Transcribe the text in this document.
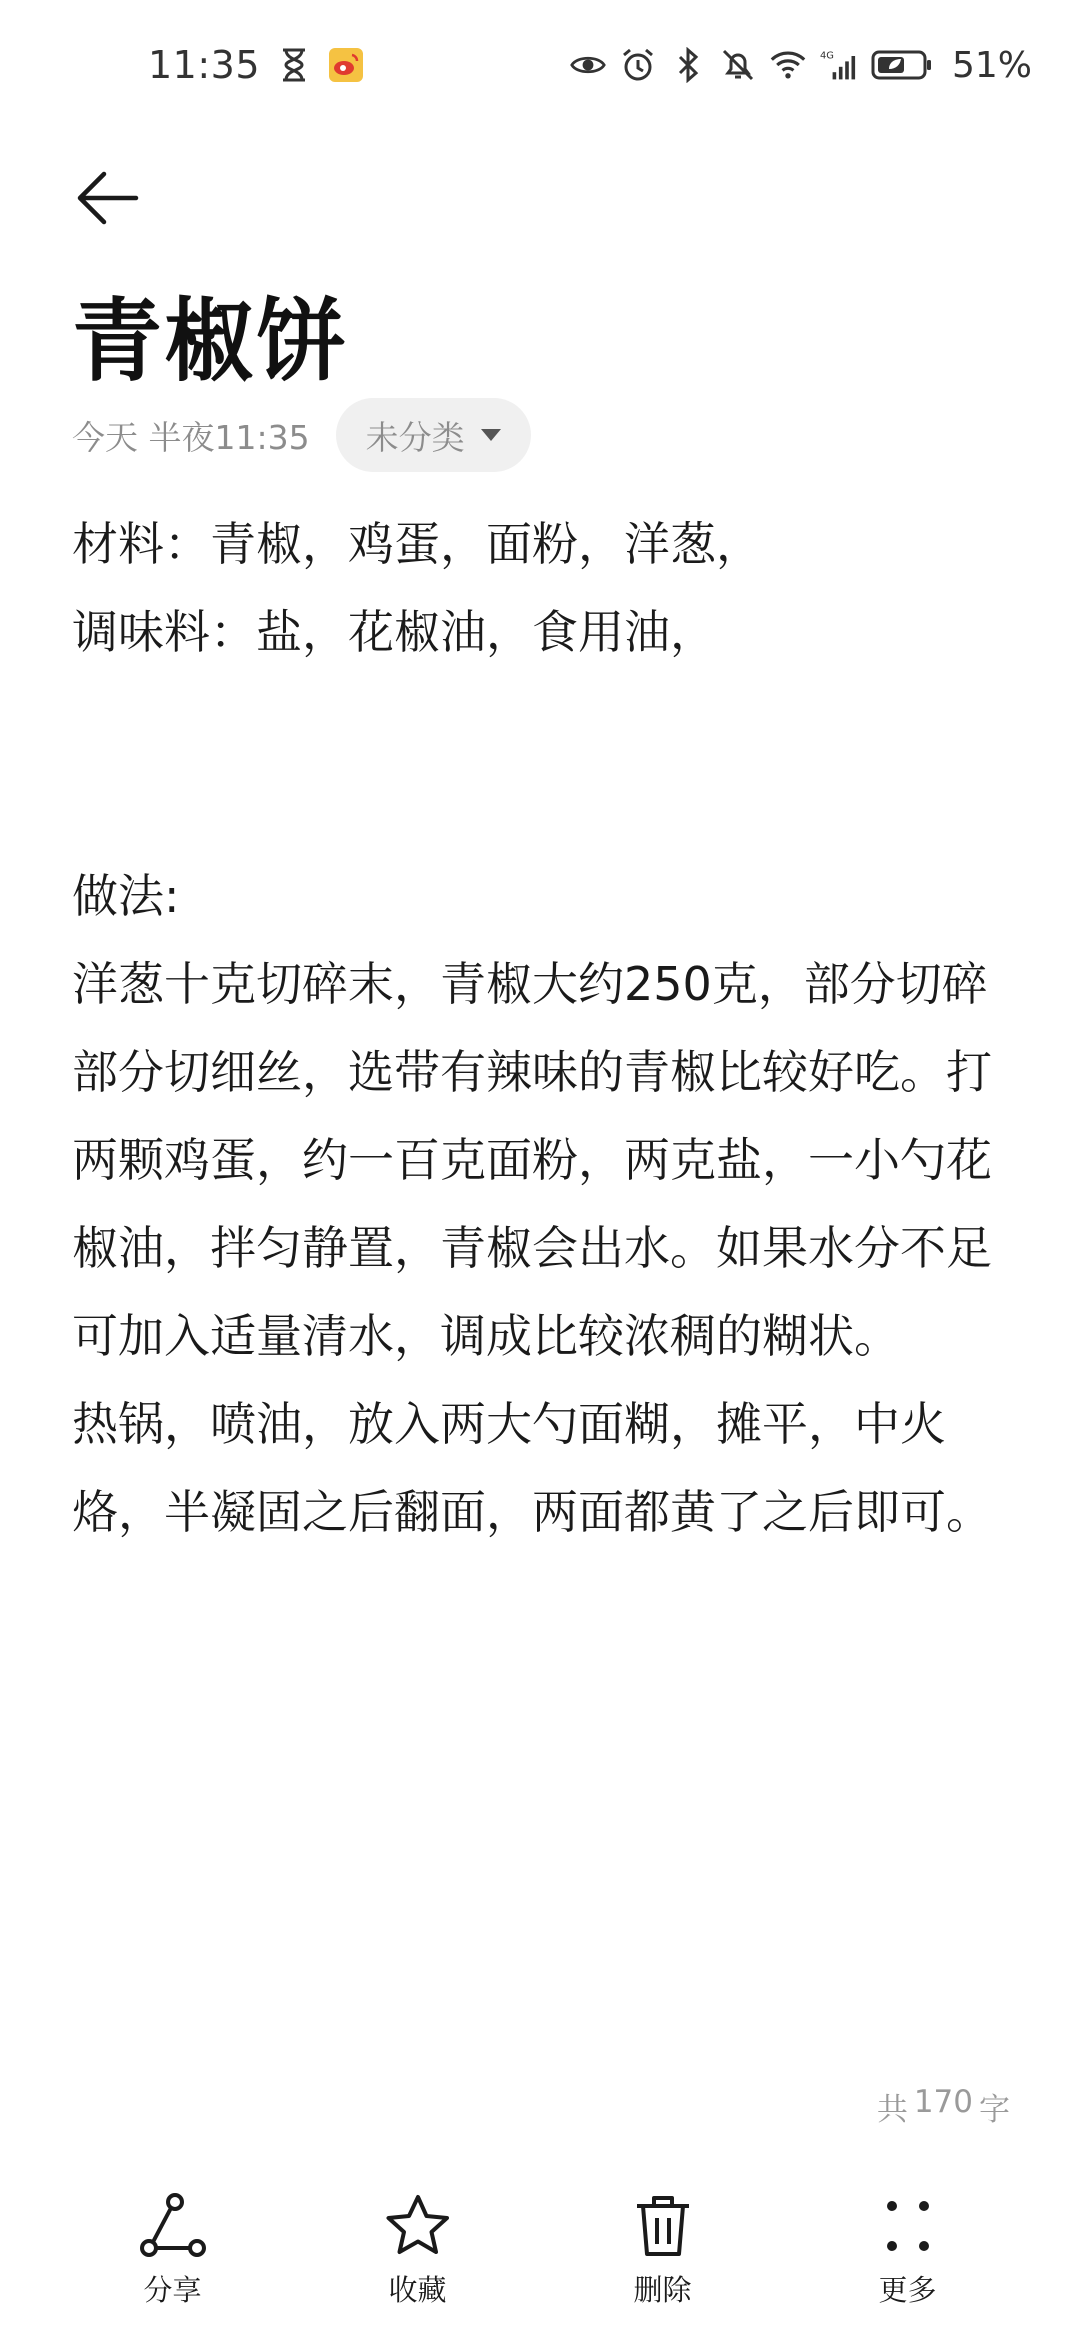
11:35	4G	51%
青椒饼
今天 半夜11:35 未分类

材料：青椒，鸡蛋，面粉，洋葱，

调味料：盐，花椒油，食用油，

做法:

洋葱十克切碎末，青椒大约250克，部分切碎部分切细丝，选带有辣味的青椒比较好吃。打两颗鸡蛋，约一百克面粉，两克盐，一小勺花椒油，拌匀静置，青椒会出水。如果水分不足可加入适量清水，调成比较浓稠的糊状。

热锅，喷油，放入两大勺面糊，摊平，中火烙，半凝固之后翻面，两面都黄了之后即可。

共 170 字
分享	收藏	删除	更多
